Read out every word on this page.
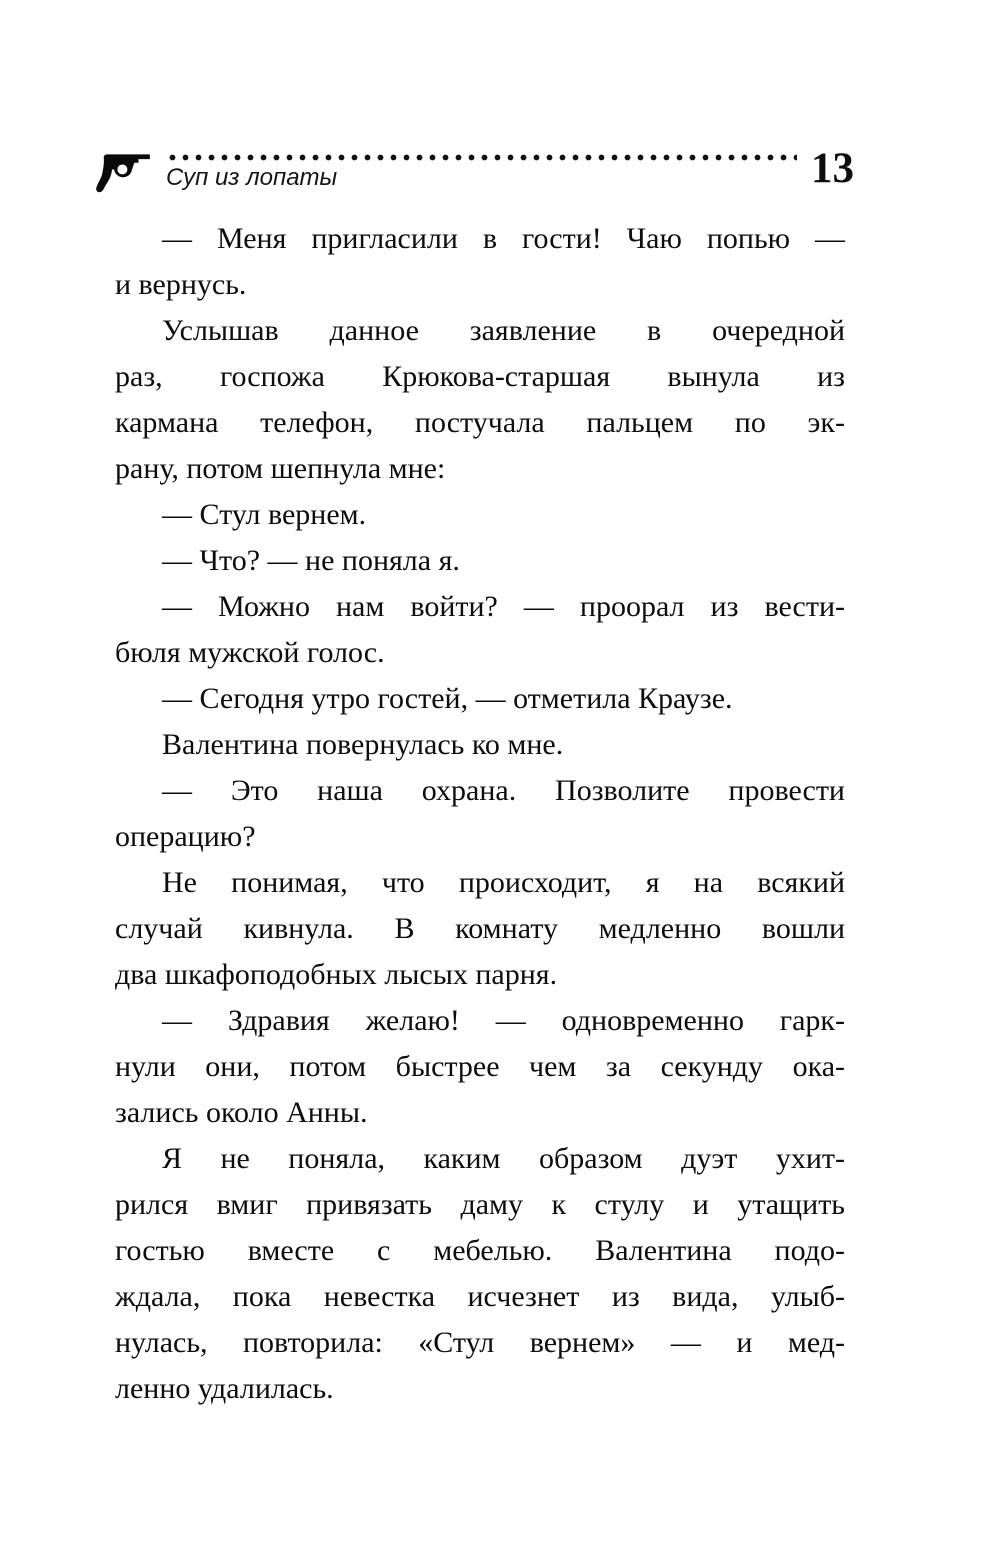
Суп из лопаты	13

— Меня пригласили в гости! Чаю попью —
и вернусь.

Услышав данное заявление в очередной
раз, госпожа Крюкова-старшая вынула из
кармана телефон, постучала пальцем по эк-
рану, потом шепнула мне:

— Стул вернем.

— Что? — не поняла я.

— Можно нам войти? — проорал из вести-
бюля мужской голос.

— Сегодня утро гостей, — отметила Краузе.

Валентина повернулась ко мне.

— Это наша охрана. Позволите провести
операцию?

Не понимая, что происходит, я на всякий
случай кивнула. В комнату медленно вошли
два шкафоподобных лысых парня.

— Здравия желаю! — одновременно гарк-
нули они, потом быстрее чем за секунду ока-
зались около Анны.

Я не поняла, каким образом дуэт ухит-
рился вмиг привязать даму к стулу и утащить
гостью вместе с мебелью. Валентина подо-
ждала, пока невестка исчезнет из вида, улыб-
нулась, повторила: «Стул вернем» — и мед-
ленно удалилась.
